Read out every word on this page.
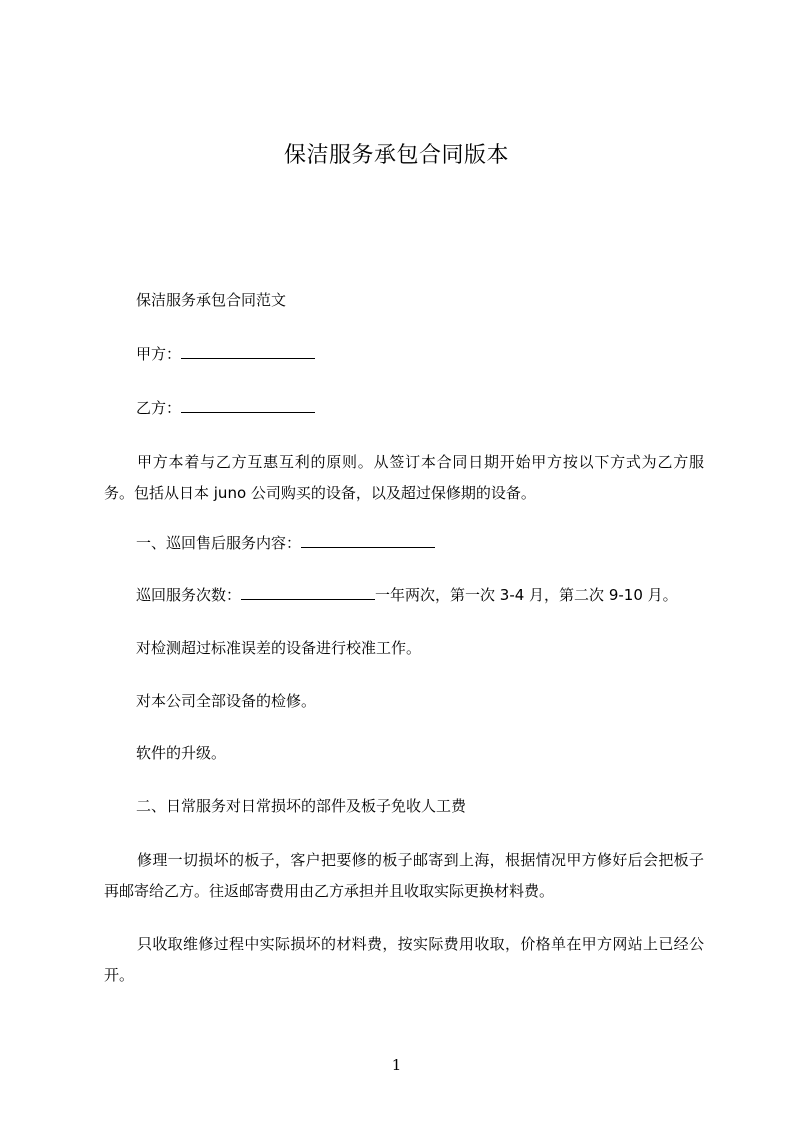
保洁服务承包合同版本
保洁服务承包合同范文
甲方：
乙方：
甲方本着与乙方互惠互利的原则。从签订本合同日期开始甲方按以下方式为乙方服务。包括从日本 juno 公司购买的设备，以及超过保修期的设备。
一、巡回售后服务内容：
巡回服务次数：	一年两次，第一次 3-4 月，第二次 9-10 月。
对检测超过标准误差的设备进行校准工作。
对本公司全部设备的检修。
软件的升级。
二、日常服务对日常损坏的部件及板子免收人工费
修理一切损坏的板子，客户把要修的板子邮寄到上海，根据情况甲方修好后会把板子再邮寄给乙方。往返邮寄费用由乙方承担并且收取实际更换材料费。
只收取维修过程中实际损坏的材料费，按实际费用收取，价格单在甲方网站上已经公开。
1
